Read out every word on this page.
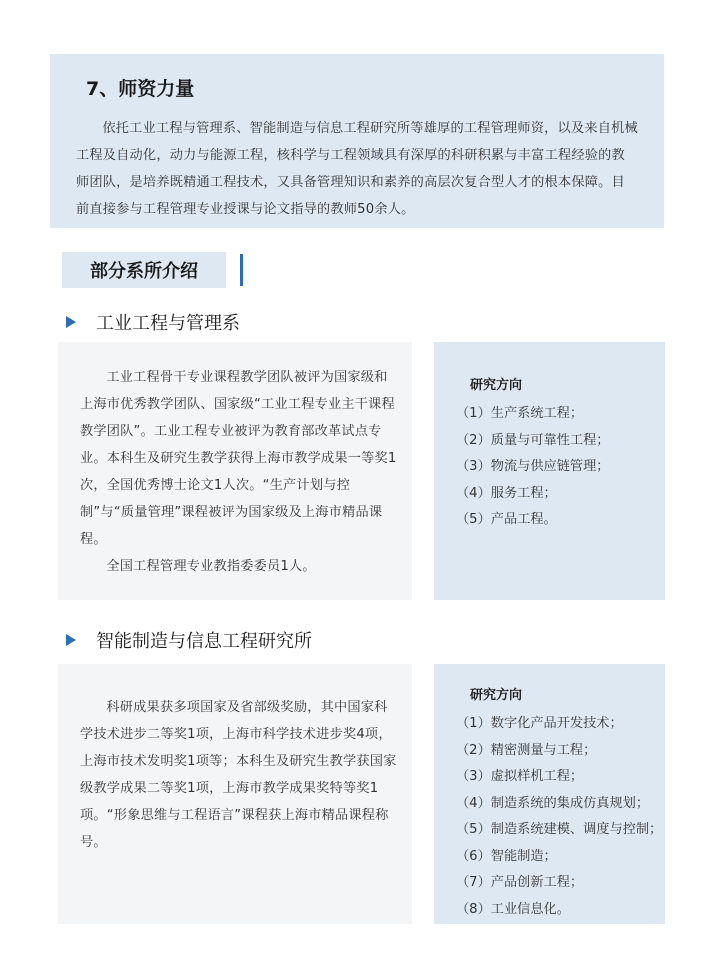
7、师资力量

依托工业工程与管理系、智能制造与信息工程研究所等雄厚的工程管理师资，以及来自机械工程及自动化，动力与能源工程，核科学与工程领域具有深厚的科研积累与丰富工程经验的教师团队，是培养既精通工程技术，又具备管理知识和素养的高层次复合型人才的根本保障。目前直接参与工程管理专业授课与论文指导的教师50余人。

部分系所介绍
工业工程与管理系

工业工程骨干专业课程教学团队被评为国家级和上海市优秀教学团队、国家级“工业工程专业主干课程教学团队”。工业工程专业被评为教育部改革试点专业。本科生及研究生教学获得上海市教学成果一等奖1次，全国优秀博士论文1人次。“生产计划与控制”与“质量管理”课程被评为国家级及上海市精品课程。

全国工程管理专业教指委委员1人。

研究方向
（1）生产系统工程；
（2）质量与可靠性工程；
（3）物流与供应链管理；
（4）服务工程；
（5）产品工程。
智能制造与信息工程研究所

科研成果获多项国家及省部级奖励，其中国家科学技术进步二等奖1项，上海市科学技术进步奖4项，上海市技术发明奖1项等；本科生及研究生教学获国家级教学成果二等奖1项，上海市教学成果奖特等奖1项。“形象思维与工程语言”课程获上海市精品课程称号。

研究方向
（1）数字化产品开发技术；
（2）精密测量与工程；
（3）虚拟样机工程；
（4）制造系统的集成仿真规划；
（5）制造系统建模、调度与控制；
（6）智能制造；
（7）产品创新工程；
（8）工业信息化。
